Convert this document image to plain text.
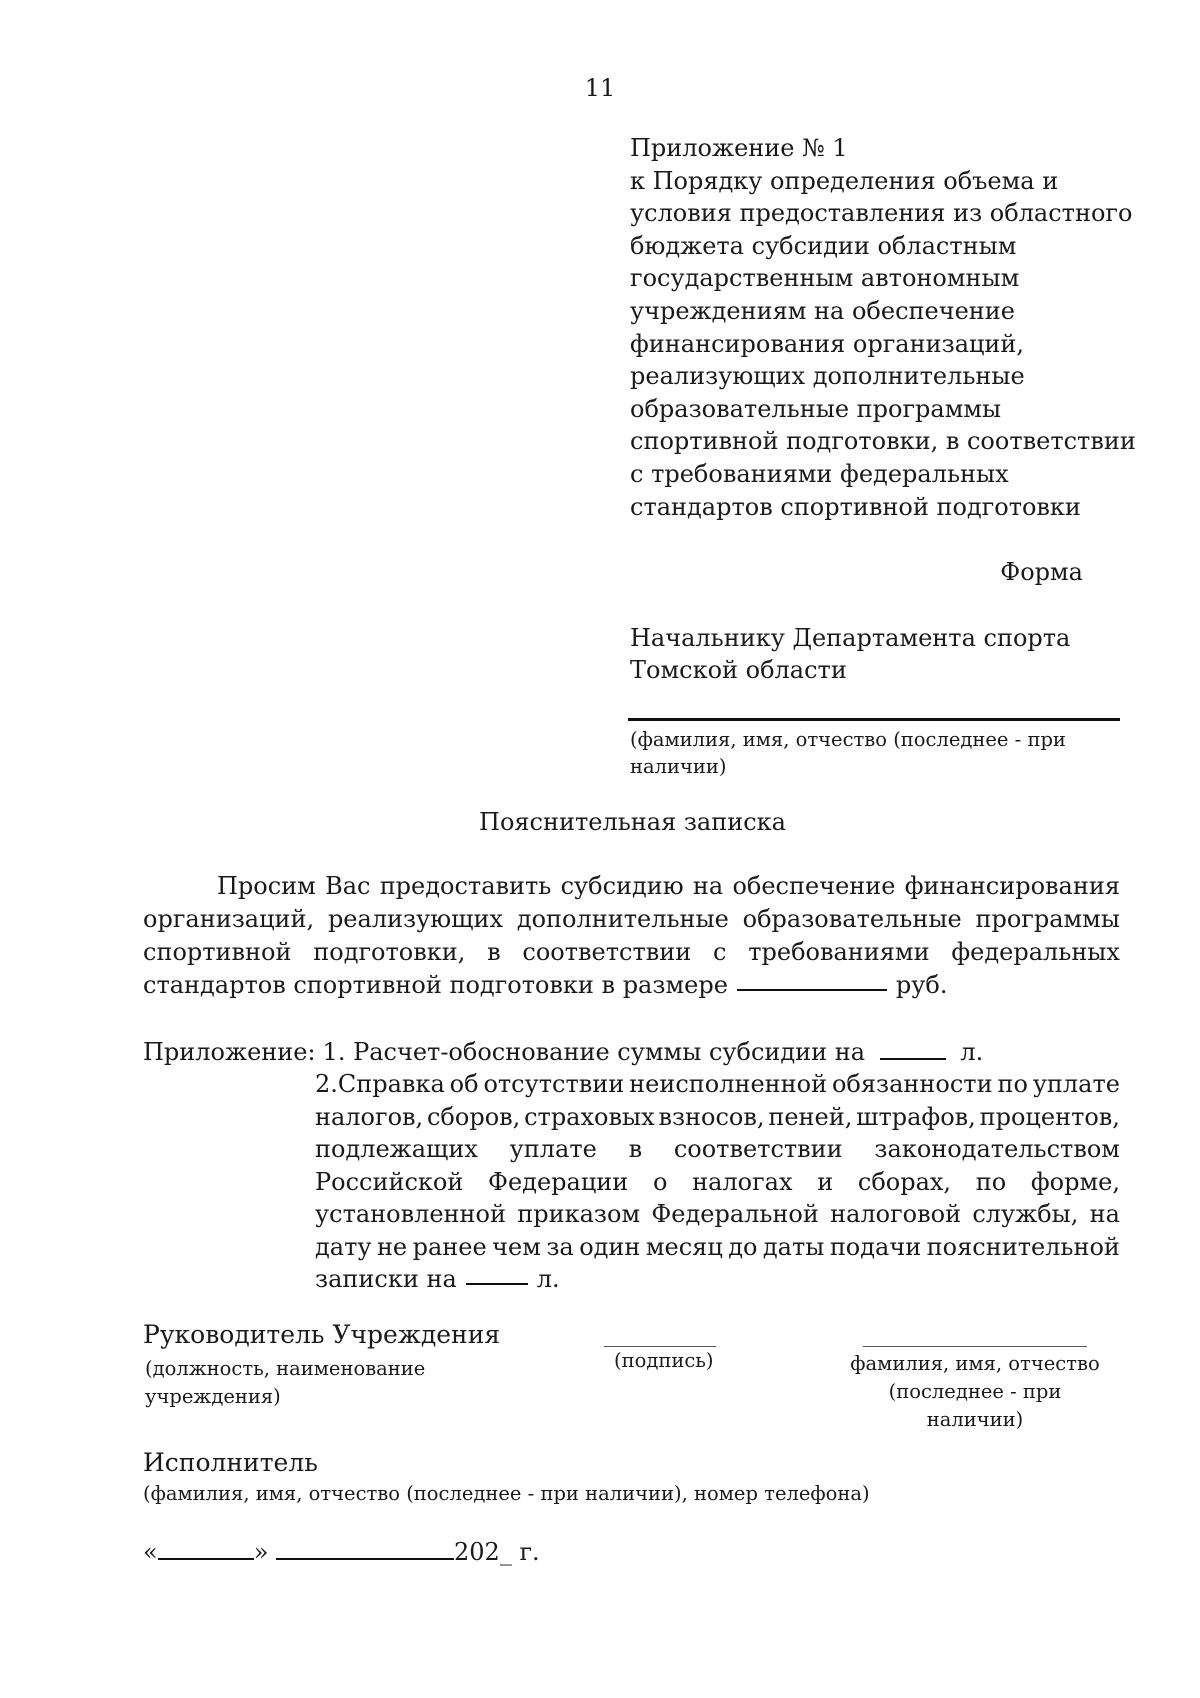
11
Приложение № 1
к Порядку определения объема и
условия предоставления из областного
бюджета субсидии областным
государственным автономным
учреждениям на обеспечение
финансирования организаций,
реализующих дополнительные
образовательные программы
спортивной подготовки, в соответствии
с требованиями федеральных
стандартов спортивной подготовки
Форма
Начальнику Департамента спорта
Томской области
(фамилия, имя, отчество (последнее - при наличии)
Пояснительная записка
Просим Вас предоставить субсидию на обеспечение финансирования
организаций, реализующих дополнительные образовательные программы
спортивной подготовки, в соответствии с требованиями федеральных
стандартов спортивной подготовки в размере	руб.
Приложение: 1. Расчет-обоснование суммы субсидии на	л.
2.Справка об отсутствии неисполненной обязанности по уплате
налогов, сборов, страховых взносов, пеней, штрафов, процентов,
подлежащих уплате в соответствии законодательством
Российской Федерации о налогах и сборах, по форме,
установленной приказом Федеральной налоговой службы, на
дату не ранее чем за один месяц до даты подачи пояснительной
записки на	л.
Руководитель Учреждения
(должность, наименование учреждения)
(подпись)	фамилия, имя, отчество (последнее - при наличии)
Исполнитель
(фамилия, имя, отчество (последнее - при наличии), номер телефона)
«	»	202_ г.
